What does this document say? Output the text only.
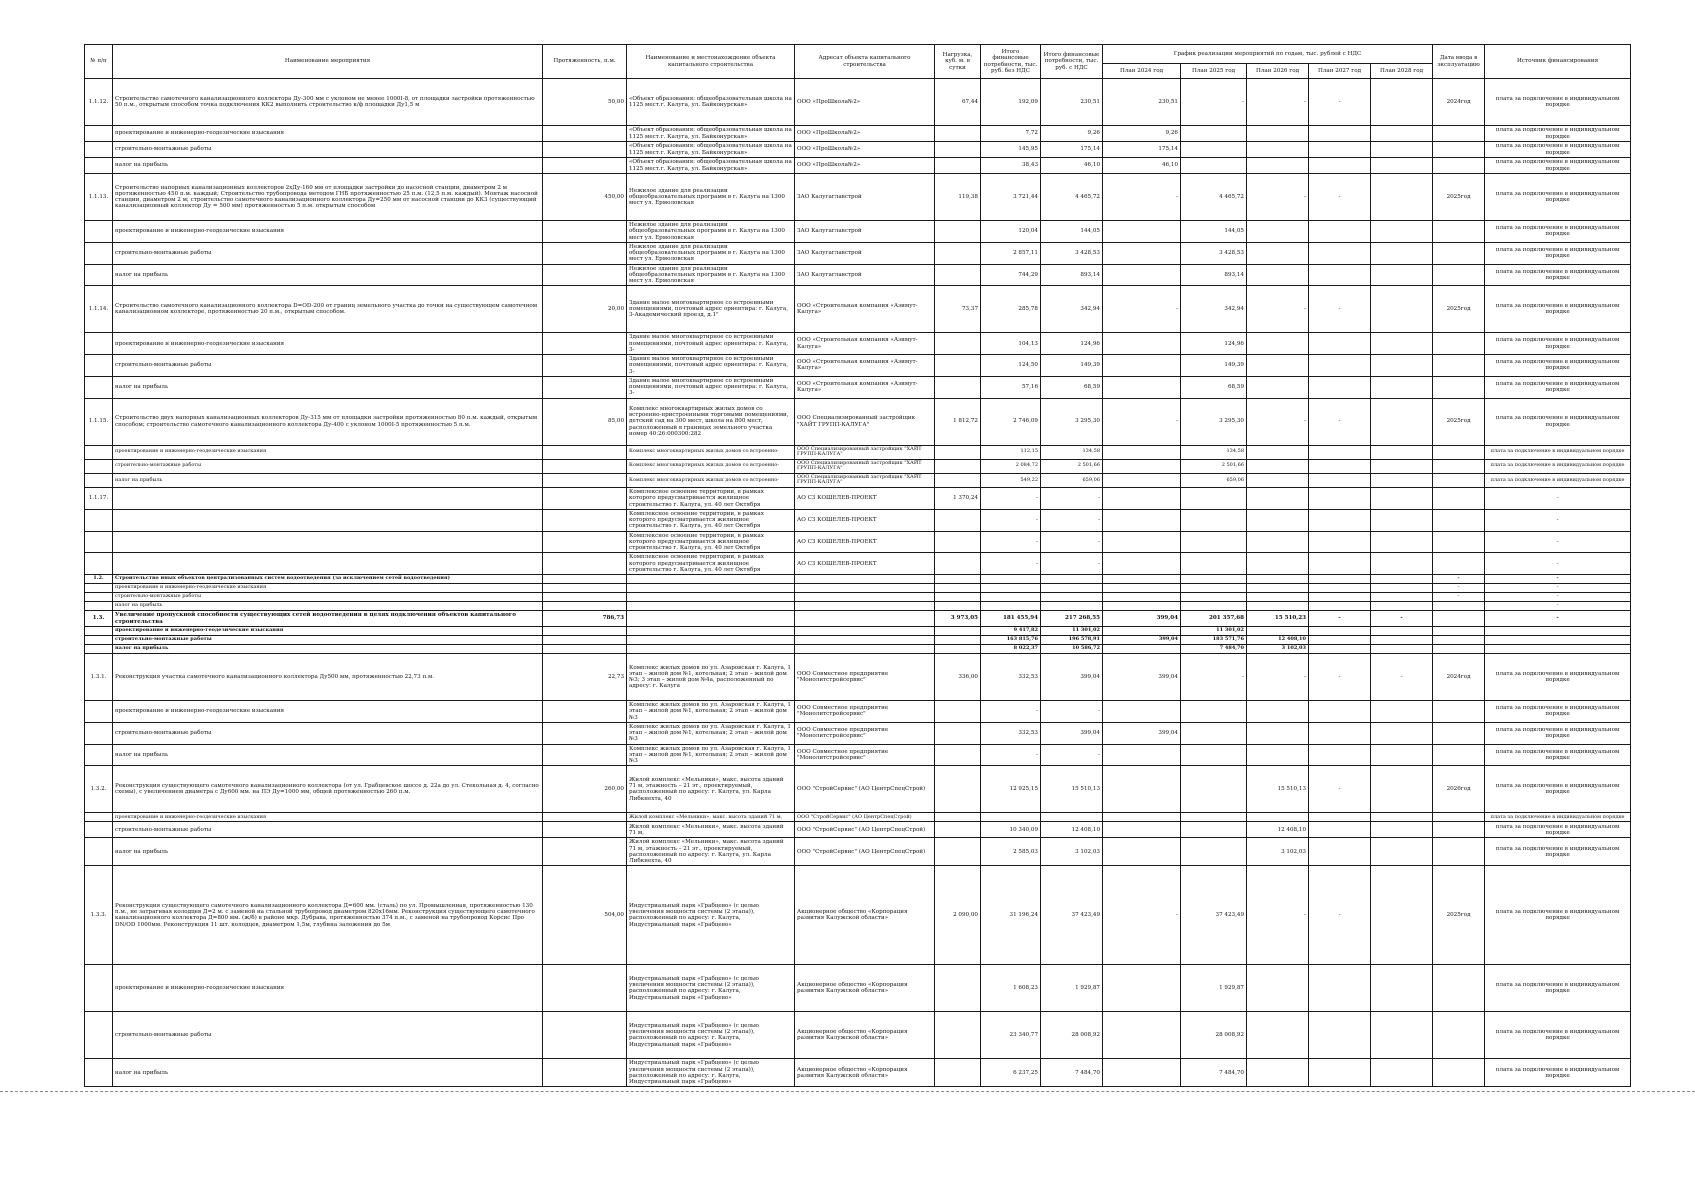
№ п/п	Наименование мероприятия	Протяженность, п.м.	Наименование и местонахождение объекта капитального строительства	Адресат объекта капитального строительства	Нагрузка, куб. м. в сутки	Итого финансовые потребности, тыс. руб. без НДС	Итого финансовые потребности, тыс. руб. с НДС	График реализации мероприятий по годам, тыс. рублей с НДС					Дата ввода в эксплуатацию	Источник финансирования
								План 2024 год	План 2025 год	План 2026 год	План 2027 год	План 2028 год		
1.1.12.	Строительство самотечного канализационного коллектора Ду-300 мм с уклоном не менее 1000I-8, от площадки застройки протяженностью 50 п.м., открытым способом точка подключения КК2 выполнить строительство к/ф площадки Ду1,5 м	50,00	«Объект образования: общеобразовательная школа на 1125 мест.г. Калуга, ул. Байконурская»	ООО «ПроШкола№2»	67,44	192,09	230,51	230,51	-	-	-		2024год	плата за подключение в индивидуальном порядке
	проектирование и инженерно-геодезические изыскания		«Объект образования: общеобразовательная школа на 1125 мест.г. Калуга, ул. Байконурская»	ООО «ПроШкола№2»		7,72	9,26	9,26						плата за подключение в индивидуальном порядке
	строительно-монтажные работы		«Объект образования: общеобразовательная школа на 1125 мест.г. Калуга, ул. Байконурская»	ООО «ПроШкола№2»		145,95	175,14	175,14						плата за подключение в индивидуальном порядке
	налог на прибыль		«Объект образования: общеобразовательная школа на 1125 мест.г. Калуга, ул. Байконурская»	ООО «ПроШкола№2»		38,43	46,10	46,10						плата за подключение в индивидуальном порядке
1.1.13.	Строительство напорных канализационных коллекторов 2хДу-160 мм от площадки застройки до насосной станции, диаметром 2 м протяженностью 450 п.м. каждый; Строительство трубопровода методом ГНБ протяженностью 25 п.м. (12,5 п.м. каждый). Монтаж насосной станции, диаметром 2 м; строительство самотечного канализационного коллектора Ду=250 мм от насосной станции до КК3 (существующий канализационный коллектор Ду = 500 мм) протяженностью 5 п.м. открытым способом	450,00	Нежилое здание для реализации общеобразовательных программ в г. Калуга на 1300 мест ул. Ермоловская	ЗАО Калугаглавстрой	119,38	3 721,44	4 465,72	-	4 465,72	-	-		2025год	плата за подключение в индивидуальном порядке
	проектирование и инженерно-геодезические изыскания		Нежилое здание для реализации общеобразовательных программ в г. Калуга на 1300 мест ул. Ермоловская	ЗАО Калугаглавстрой		120,04	144,05		144,05					плата за подключение в индивидуальном порядке
	строительно-монтажные работы		Нежилое здание для реализации общеобразовательных программ в г. Калуга на 1300 мест ул. Ермоловская	ЗАО Калугаглавстрой		2 857,11	3 428,53		3 428,53					плата за подключение в индивидуальном порядке
	налог на прибыль		Нежилое здание для реализации общеобразовательных программ в г. Калуга на 1300 мест ул. Ермоловская	ЗАО Калугаглавстрой		744,29	893,14		893,14					плата за подключение в индивидуальном порядке
1.1.14.	Строительство самотечного канализационного коллектора D=ОD-200 от границ земельного участка до точки на существующем самотечном канализационном коллекторе, протяженностью 20 п.м., открытым способом.	20,00	Здание малое многоквартирное со встроенными помещениями, почтовый адрес ориентира: г. Калуга, 3-Академический проезд, д.1"	ООО «Строительная компания «Азимут-Калуга»	73,37	285,78	342,94	-	342,94	-	-		2025год	плата за подключение в индивидуальном порядке
	проектирование и инженерно-геодезические изыскания		Здание малое многоквартирное со встроенными помещениями, почтовый адрес ориентира: г. Калуга, 3-	ООО «Строительная компания «Азимут-Калуга»		104,13	124,96		124,96					плата за подключение в индивидуальном порядке
	строительно-монтажные работы		Здание малое многоквартирное со встроенными помещениями, почтовый адрес ориентира: г. Калуга, 3-	ООО «Строительная компания «Азимут-Калуга»		124,50	149,39		149,39					плата за подключение в индивидуальном порядке
	налог на прибыль		Здание малое многоквартирное со встроенными помещениями, почтовый адрес ориентира: г. Калуга, 3-	ООО «Строительная компания «Азимут-Калуга»		57,16	68,59		68,59					плата за подключение в индивидуальном порядке
1.1.15.	Строительство двух напорных канализационных коллекторов Ду-315 мм от площадки застройки протяженностью 80 п.м. каждый, открытым способом; строительство самотечного канализационного коллектора Ду-400 с уклоном 1000I-5 протяженностью 5 п.м.	85,00	Комплекс многоквартирных жилых домов со встроенно-пристроенными торговыми помещениями, детский сад на 300 мест, школа на 800 мест, расположенный в границах земельного участка номер 40:26:000300:282	ООО Специализированный застройщик "ХАЙТ ГРУПП-КАЛУГА"	1 812,72	2 746,09	3 295,30	-	3 295,30	-	-		2025год	плата за подключение в индивидуальном порядке
	проектирование и инженерно-геодезические изыскания		Комплекс многоквартирных жилых домов со встроенно-	ООО Специализированный застройщик "ХАЙТ ГРУПП-КАЛУГА"		112,15	134,58		134,58					плата за подключение в индивидуальном порядке
	строительно-монтажные работы		Комплекс многоквартирных жилых домов со встроенно-	ООО Специализированный застройщик "ХАЙТ ГРУПП-КАЛУГА"		2 084,72	2 501,66		2 501,66					плата за подключение в индивидуальном порядке
	налог на прибыль		Комплекс многоквартирных жилых домов со встроенно-	ООО Специализированный застройщик "ХАЙТ ГРУПП-КАЛУГА"		549,22	659,06		659,06					плата за подключение в индивидуальном порядке
1.1.17.			Комплексное освоение территории, в рамках которого предусматривается жилищное строительство г. Калуга, ул. 40 лет Октября	АО СЗ КОШЕЛЕВ-ПРОЕКТ	1 370,24	-	-							-
			Комплексное освоение территории, в рамках которого предусматривается жилищное строительство г. Калуга, ул. 40 лет Октября	АО СЗ КОШЕЛЕВ-ПРОЕКТ		-	-							-
			Комплексное освоение территории, в рамках которого предусматривается жилищное строительство г. Калуга, ул. 40 лет Октября	АО СЗ КОШЕЛЕВ-ПРОЕКТ		-	-							-
			Комплексное освоение территории, в рамках которого предусматривается жилищное строительство г. Калуга, ул. 40 лет Октября	АО СЗ КОШЕЛЕВ-ПРОЕКТ		-	-							-
1.2.	Строительство иных объектов централизованных систем водоотведения (за исключением сетей водоотведения)												-	-
	проектирование и инженерно-геодезические изыскания												-	-
	строительно-монтажные работы												-	-
	налог на прибыль													-
1.3.	Увеличение пропускной способности существующих сетей водоотведения в целях подключения объектов капитального строительства	786,73			3 973,05	181 455,94	217 268,55	399,04	201 357,68	15 510,23	-	-		-
	проектирование и инженерно-геодезические изыскания					9 417,82	11 301,02		11 301,02					
	строительно-монтажные работы					163 815,76	196 578,91	399,04	183 571,76	12 408,10				
	налог на прибыль					8 022,37	10 586,72		7 484,70	3 102,03				
1.3.1.	Реконструкция участка самотечного канализационного коллектора Ду500 мм, протяженностью 22,73 п.м.	22,73	Комплекс жилых домов по ул. Азаровская г. Калуга, 1 этап – жилой дом №1, котельная; 2 этап – жилой дом №3; 3 этап – жилой дом №4а, расположенный по адресу: г. Калуга	ООО Совместное предприятие "Монолитстройсервис"	336,00	332,53	399,04	399,04	-	-	-	-	2024год	плата за подключение в индивидуальном порядке
	проектирование и инженерно-геодезические изыскания		Комплекс жилых домов по ул. Азаровская г. Калуга, 1 этап – жилой дом №1, котельная; 2 этап – жилой дом №3	ООО Совместное предприятие "Монолитстройсервис"		-	-							плата за подключение в индивидуальном порядке
	строительно-монтажные работы		Комплекс жилых домов по ул. Азаровская г. Калуга, 1 этап – жилой дом №1, котельная; 2 этап – жилой дом №3	ООО Совместное предприятие "Монолитстройсервис"		332,53	399,04	399,04						плата за подключение в индивидуальном порядке
	налог на прибыль		Комплекс жилых домов по ул. Азаровская г. Калуга, 1 этап – жилой дом №1, котельная; 2 этап – жилой дом №3	ООО Совместное предприятие "Монолитстройсервис"		-	-							плата за подключение в индивидуальном порядке
1.3.2.	Реконструкция существующего самотечного канализационного коллектора (от ул. Грабцевское шоссе д. 22а до ул. Стекольная д. 4, согласно схемы), с увеличением диаметра с Ду600 мм. на ПЭ Ду=1000 мм, общей протяженностью 260 п.м.	260,00	Жилой комплекс «Мельники», макс. высота зданий 71 м, этажность – 21 эт., проектируемый, расположенный по адресу: г. Калуга, ул. Карла Либкнехта, 40	ООО "СтройСервис" (АО ЦентрСпецСтрой)		12 925,15	15 510,13			15 510,13	-		2026год	плата за подключение в индивидуальном порядке
	проектирование и инженерно-геодезические изыскания		Жилой комплекс «Мельники», макс. высота зданий 71 м,	ООО "СтройСервис" (АО ЦентрСпецСтрой)										плата за подключение в индивидуальном порядке
	строительно-монтажные работы		Жилой комплекс «Мельники», макс. высота зданий 71 м,	ООО "СтройСервис" (АО ЦентрСпецСтрой)		10 340,09	12 408,10			12 408,10				плата за подключение в индивидуальном порядке
	налог на прибыль		Жилой комплекс «Мельники», макс. высота зданий 71 м, этажность – 21 эт., проектируемый, расположенный по адресу: г. Калуга, ул. Карла Либкнехта, 40	ООО "СтройСервис" (АО ЦентрСпецСтрой)		2 585,03	3 102,03			3 102,03				плата за подключение в индивидуальном порядке
1.3.3.	Реконструкция существующего самотечного канализационного коллектора Д=600 мм. (сталь) по ул. Промышленная, протяженностью 130 п.м., не затрагивая колодцев Д=2 м. с заменой на стальной трубопровод диаметром 820х16мм. Реконструкция существующего самотечного канализационного коллектора Д=800 мм. (ж/б) в районе мкр. Дубрава, протяженностью 374 п.м., с заменой на трубопровод Корсис Про DN/OD 1000мм. Реконструкция 11 шт. колодцев, диаметром 1,5м, глубина заложения до 5м	504,00	Индустриальный парк «Грабцево» (с целью увеличения мощности системы (2 этапа)), расположенный по адресу: г. Калуга, Индустриальный парк «Грабцево»	Акционерное общество «Корпорация развития Калужской области»	2 090,00	31 196,24	37 423,49	-	37 423,49	-	-		2025год	плата за подключение в индивидуальном порядке
	проектирование и инженерно-геодезические изыскания		Индустриальный парк «Грабцево» (с целью увеличения мощности системы (2 этапа)), расположенный по адресу: г. Калуга, Индустриальный парк «Грабцево»	Акционерное общество «Корпорация развития Калужской области»		1 608,23	1 929,87		1 929,87					плата за подключение в индивидуальном порядке
	строительно-монтажные работы		Индустриальный парк «Грабцево» (с целью увеличения мощности системы (2 этапа)), расположенный по адресу: г. Калуга, Индустриальный парк «Грабцево»	Акционерное общество «Корпорация развития Калужской области»		23 340,77	28 008,92		28 008,92					плата за подключение в индивидуальном порядке
	налог на прибыль		Индустриальный парк «Грабцево» (с целью увеличения мощности системы (2 этапа)), расположенный по адресу: г. Калуга, Индустриальный парк «Грабцево»	Акционерное общество «Корпорация развития Калужской области»		6 237,25	7 484,70		7 484,70					плата за подключение в индивидуальном порядке
